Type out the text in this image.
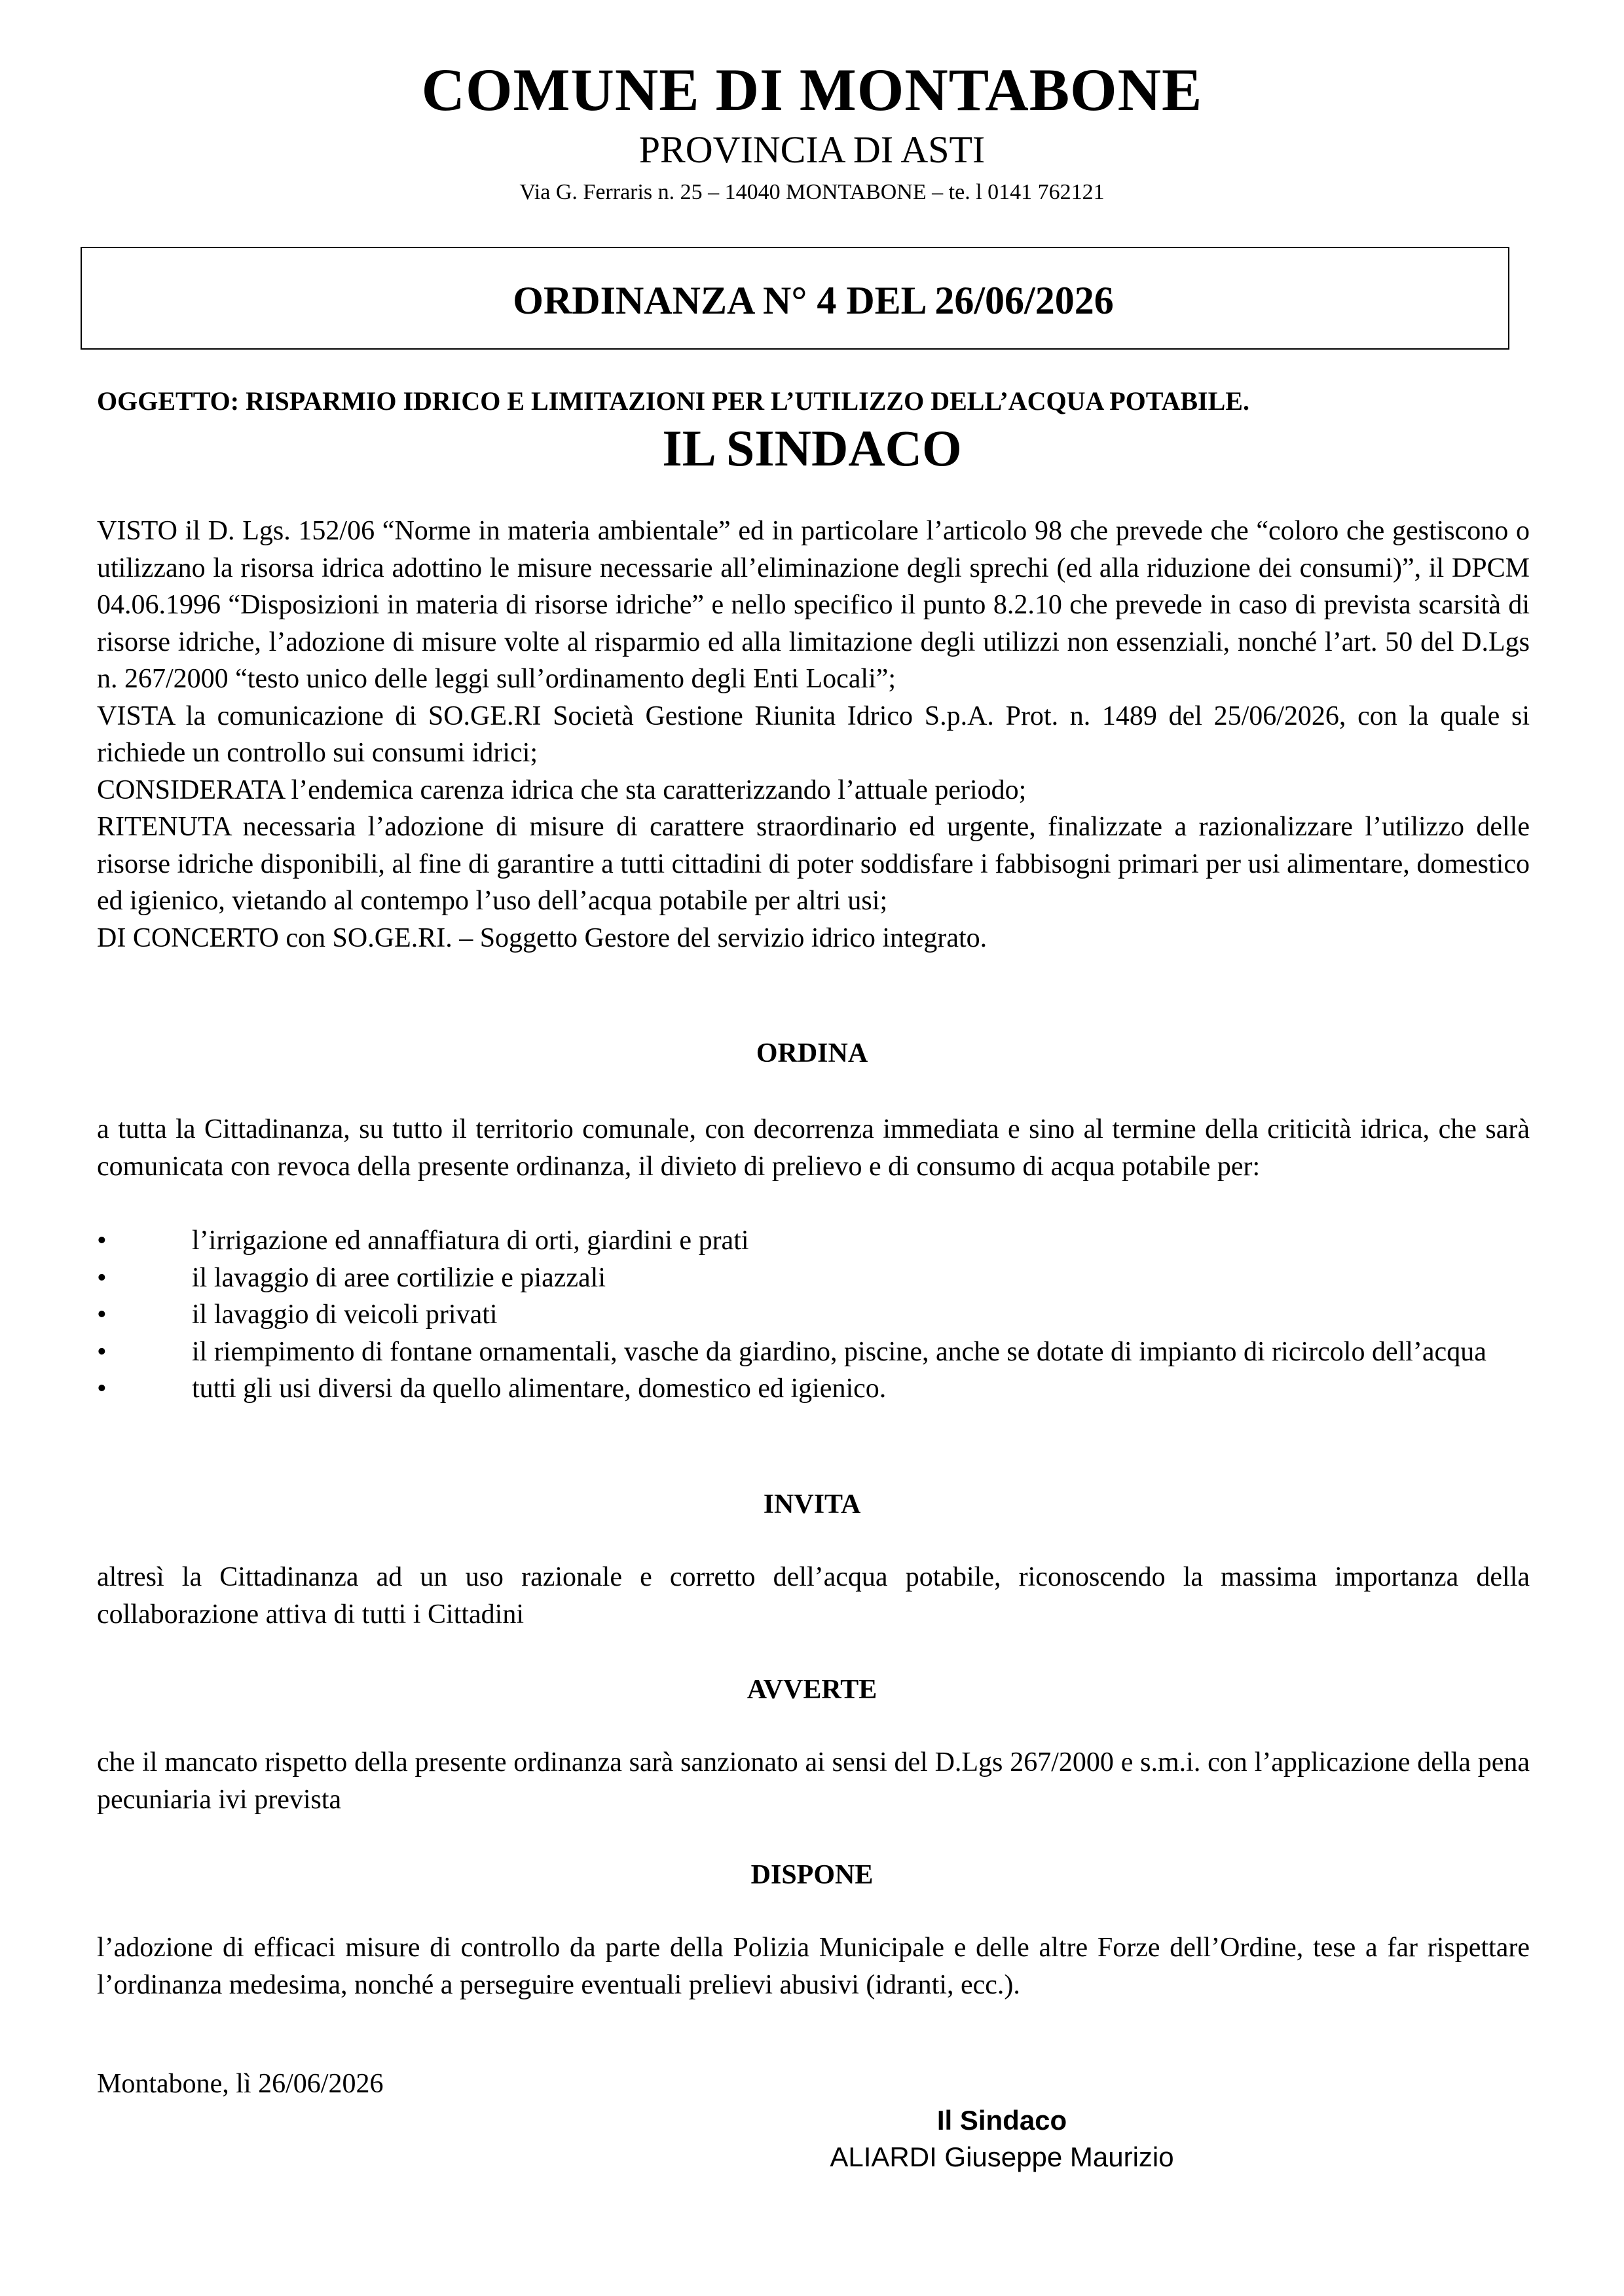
COMUNE DI MONTABONE
PROVINCIA DI ASTI
Via G. Ferraris n. 25 – 14040 MONTABONE – te. l 0141 762121
ORDINANZA N° 4 DEL 26/06/2026
OGGETTO: RISPARMIO IDRICO E LIMITAZIONI PER L’UTILIZZO DELL’ACQUA POTABILE.
IL SINDACO

VISTO il D. Lgs. 152/06 “Norme in materia ambientale” ed in particolare l’articolo 98 che prevede che “coloro che gestiscono o utilizzano la risorsa idrica adottino le misure necessarie all’eliminazione degli sprechi (ed alla riduzione dei consumi)”, il DPCM 04.06.1996 “Disposizioni in materia di risorse idriche” e nello specifico il punto 8.2.10 che prevede in caso di prevista scarsità di risorse idriche, l’adozione di misure volte al risparmio ed alla limitazione degli utilizzi non essenziali, nonché l’art. 50 del D.Lgs n. 267/2000 “testo unico delle leggi sull’ordinamento degli Enti Locali”;

VISTA la comunicazione di SO.GE.RI Società Gestione Riunita Idrico S.p.A. Prot. n. 1489 del 25/06/2026, con la quale si richiede un controllo sui consumi idrici;

CONSIDERATA l’endemica carenza idrica che sta caratterizzando l’attuale periodo;

RITENUTA necessaria l’adozione di misure di carattere straordinario ed urgente, finalizzate a razionalizzare l’utilizzo delle risorse idriche disponibili, al fine di garantire a tutti cittadini di poter soddisfare i fabbisogni primari per usi alimentare, domestico ed igienico, vietando al contempo l’uso dell’acqua potabile per altri usi;

DI CONCERTO con SO.GE.RI. – Soggetto Gestore del servizio idrico integrato.

ORDINA
a tutta la Cittadinanza, su tutto il territorio comunale, con decorrenza immediata e sino al termine della criticità idrica, che sarà comunicata con revoca della presente ordinanza, il divieto di prelievo e di consumo di acqua potabile per:
•	l’irrigazione ed annaffiatura di orti, giardini e prati
•	il lavaggio di aree cortilizie e piazzali
•	il lavaggio di veicoli privati
•	il riempimento di fontane ornamentali, vasche da giardino, piscine, anche se dotate di impianto di ricircolo dell’acqua
•	tutti gli usi diversi da quello alimentare, domestico ed igienico.
INVITA
altresì la Cittadinanza ad un uso razionale e corretto dell’acqua potabile, riconoscendo la massima importanza della collaborazione attiva di tutti i Cittadini
AVVERTE
che il mancato rispetto della presente ordinanza sarà sanzionato ai sensi del D.Lgs 267/2000 e s.m.i. con l’applicazione della pena pecuniaria ivi prevista
DISPONE
l’adozione di efficaci misure di controllo da parte della Polizia Municipale e delle altre Forze dell’Ordine, tese a far rispettare l’ordinanza medesima, nonché a perseguire eventuali prelievi abusivi (idranti, ecc.).
Montabone, lì 26/06/2026
Il Sindaco
ALIARDI Giuseppe Maurizio
